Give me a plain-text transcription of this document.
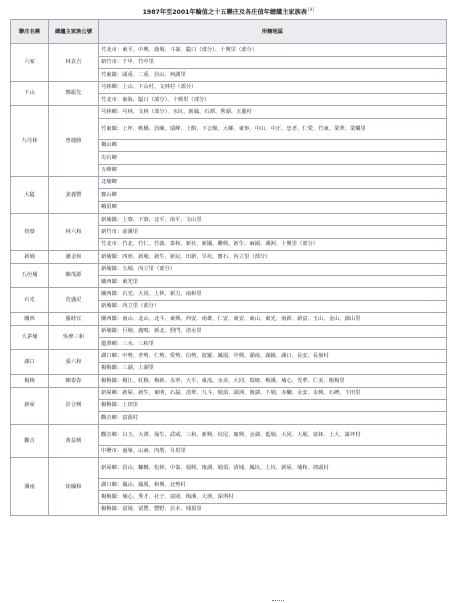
1987年至2001年輪值之十五聯庄及各庄值年總爐主家族表[4]
聯庄名稱	總爐主家族公號	所轄地區
六家	林貞吉	竹北市：東平、中興、鹿場、斗崙、隘口（部分）、十興里（部分）
		新竹市：千甲、竹中里
		竹東鎮：頭重、二重、員山、柯湖里
下山	鄭振先	芎林鄉：上山、下山村、文林村（部分）
		竹北市：東海、隘口（部分）、十興里（部分）
九芎林	曾捷勝	芎林鄉：芎林、文林（部分）、水坑、新鳳、石潭、秀湖、五龍村
		竹東鎮：上坪、軟橋、員崠、瑞峰、上館、下公館、大鄉、東寧、中山、中正、忠孝、仁愛、竹東、榮華、榮樂里
		橫山鄉
		尖石鄉
		五峰鄉
大隘	姜義豐	北埔鄉
		寶山鄉
		峨眉鄉
枋寮	林六和	新埔鎮：上寮、下寮、北平、南平、文山里
		新竹市：前溪里
		竹北市：竹北、竹仁、竹義、泰和、新社、新國、聯興、新生、麻園、溪洲、十興里（部分）
新埔	潘金和	新埔鎮：四座、新埔、新生、新民、田新、旱坑、寶石、內立里（部分）
五份埔	陳茂源	新埔鎮：五埔、內立里（部分）
		關西鎮：東光里
石光	范盛記	關西鎮：石光、大同、上林、新力、南和里
		新埔鎮：內立里（部分）
關西	羅時宜	關西鎮：南山、北山、北斗、東興、西安、南雄、仁安、東安、東山、東光、南新、新富、玉山、金山、錦山里
大茅埔	吳廖三和	新埔鎮：巨埔、鹿鳴、新北、照門、清水里
		龍潭鄉：三水、三和里
湖口	張六和	湖口鄉：中勢、孝勢、仁勢、愛勢、信勢、波羅、鳳凰、中興、湖南、湖鏡、湖口、長安、長嶺村
		楊梅鎮：三湖、上湖里
楊梅	陳泰春	楊梅鎮：楊江、紅梅、梅新、永寧、大平、東流、水美、大同、瑞塘、梅溪、埔心、光華、仁美、楊梅里
新屋	許合興	新屋鄉：新屋、新生、東明、石磊、清華、九斗、埔頂、頭洲、後湖、下埔、赤欄、永安、永興、石碑、下田里
		楊梅鎮：上田里
		觀音鄉：富源村
觀音	黃益興	觀音鄉：白玉、大潭、保生、武威、三和、新興、坑尾、廣興、金湖、藍埔、大同、大堀、富林、上大、崙坪村
		中壢市：過嶺、山東、內厝、月眉里
溪南	徐國和	新屋鄉：員山、糠榔、松林、中崙、福興、後湖、埔頂、清埔、鳳坑、上坑、新屋、埔和、坡頭村
		湖口鄉：鳳山、鳳凰、和興、北勢村
		楊梅鎮：埔心、秀才、社子、富岡、梅溪、大坡、深圳村
		楊梅鎮：富岡、富豐、豐野、員本、埔頂里
